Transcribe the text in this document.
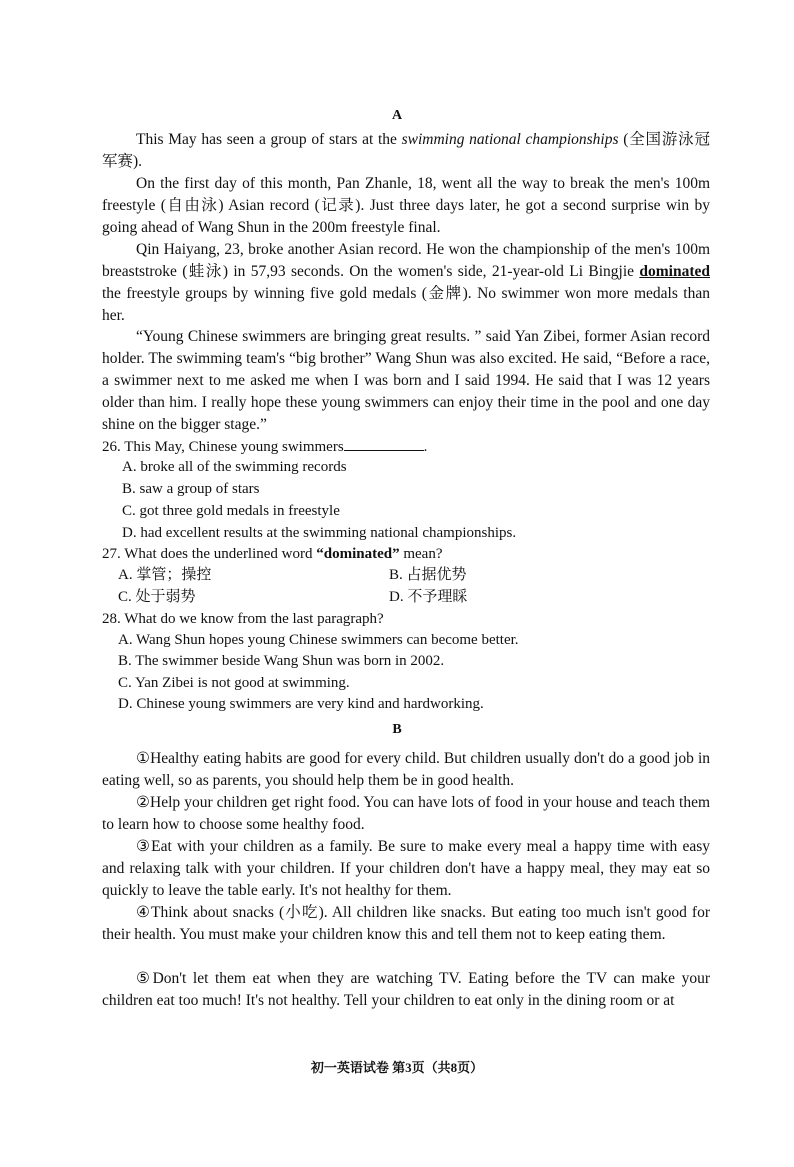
A

This May has seen a group of stars at the swimming national championships (全国游泳冠军赛).

On the first day of this month, Pan Zhanle, 18, went all the way to break the men's 100m freestyle (自由泳) Asian record (记录). Just three days later, he got a second surprise win by going ahead of Wang Shun in the 200m freestyle final.

Qin Haiyang, 23, broke another Asian record. He won the championship of the men's 100m breaststroke (蛙泳) in 57,93 seconds. On the women's side, 21-year-old Li Bingjie dominated the freestyle groups by winning five gold medals (金牌). No swimmer won more medals than her.

“Young Chinese swimmers are bringing great results. ” said Yan Zibei, former Asian record holder. The swimming team's “big brother” Wang Shun was also excited. He said, “Before a race, a swimmer next to me asked me when I was born and I said 1994. He said that I was 12 years older than him. I really hope these young swimmers can enjoy their time in the pool and one day shine on the bigger stage.”

26. This May, Chinese young swimmers	.
A. broke all of the swimming records
B. saw a group of stars
C. got three gold medals in freestyle
D. had excellent results at the swimming national championships.
27. What does the underlined word “dominated” mean?
A. 掌管；操控	B. 占据优势
C. 处于弱势	D. 不予理睬
28. What do we know from the last paragraph?
A. Wang Shun hopes young Chinese swimmers can become better.
B. The swimmer beside Wang Shun was born in 2002.
C. Yan Zibei is not good at swimming.
D. Chinese young swimmers are very kind and hardworking.
B

①Healthy eating habits are good for every child. But children usually don't do a good job in eating well, so as parents, you should help them be in good health.

②Help your children get right food. You can have lots of food in your house and teach them to learn how to choose some healthy food.

③Eat with your children as a family. Be sure to make every meal a happy time with easy and relaxing talk with your children. If your children don't have a happy meal, they may eat so quickly to leave the table early. It's not healthy for them.

④Think about snacks (小吃). All children like snacks. But eating too much isn't good for their health. You must make your children know this and tell them not to keep eating them.

⑤Don't let them eat when they are watching TV. Eating before the TV can make your children eat too much! It's not healthy. Tell your children to eat only in the dining room or at

初一英语试卷 第3页（共8页）
